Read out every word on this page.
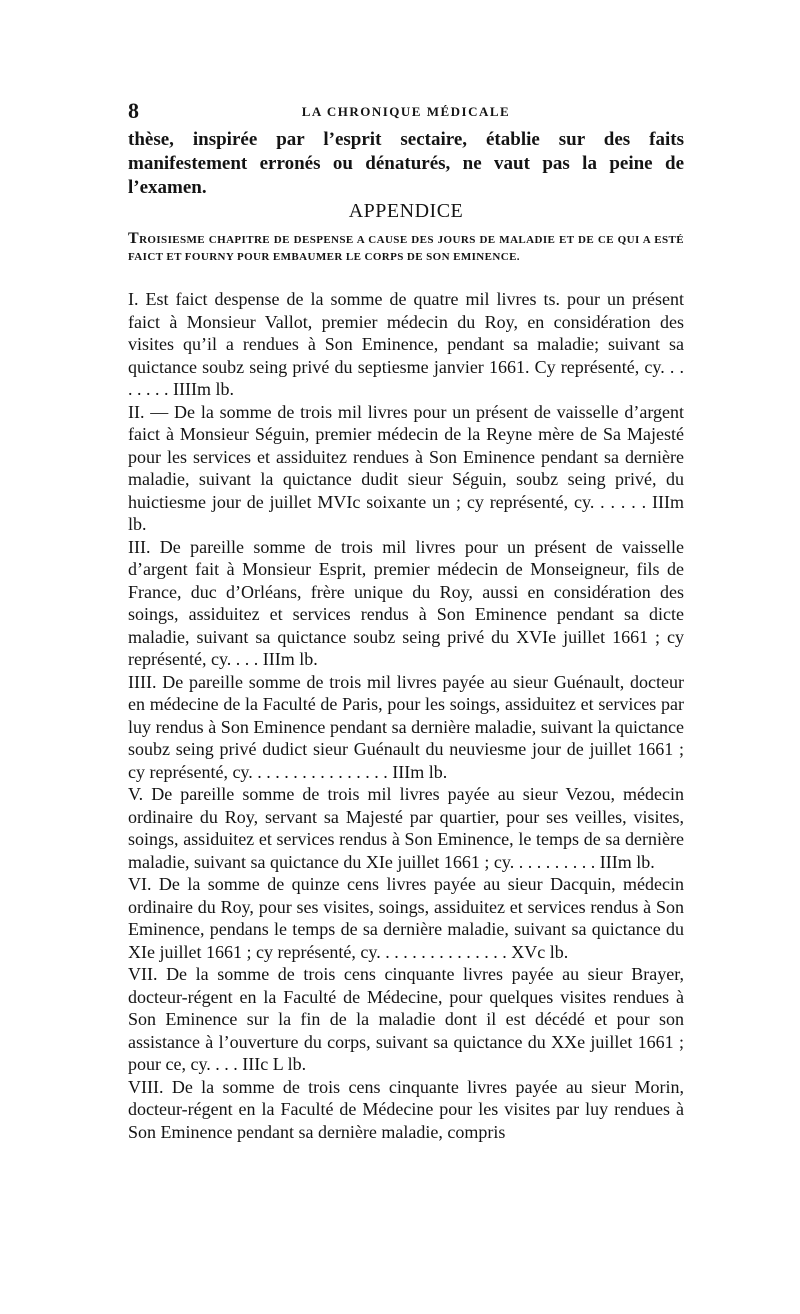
8	LA CHRONIQUE MÉDICALE

thèse, inspirée par l’esprit sectaire, établie sur des faits manifestement erronés ou dénaturés, ne vaut pas la peine de l’examen.

APPENDICE
TROISIESME CHAPITRE DE DESPENSE A CAUSE DES JOURS DE MALADIE ET DE CE QUI A ESTÉ FAICT ET FOURNY POUR EMBAUMER LE CORPS DE SON EMINENCE.

I. Est faict despense de la somme de quatre mil livres ts. pour un présent faict à Monsieur Vallot, premier médecin du Roy, en considération des visites qu’il a rendues à Son Eminence, pendant sa maladie; suivant sa quictance soubz seing privé du septiesme janvier 1661. Cy représenté, cy. . . . . . . . IIIIm lb.

II. — De la somme de trois mil livres pour un présent de vaisselle d’argent faict à Monsieur Séguin, premier médecin de la Reyne mère de Sa Majesté pour les services et assiduitez rendues à Son Eminence pendant sa dernière maladie, suivant la quictance dudit sieur Séguin, soubz seing privé, du huictiesme jour de juillet MVIc soixante un ; cy représenté, cy. . . . . . IIIm lb.

III. De pareille somme de trois mil livres pour un présent de vaisselle d’argent fait à Monsieur Esprit, premier médecin de Monseigneur, fils de France, duc d’Orléans, frère unique du Roy, aussi en considération des soings, assiduitez et services rendus à Son Eminence pendant sa dicte maladie, suivant sa quictance soubz seing privé du XVIe juillet 1661 ; cy représenté, cy. . . . IIIm lb.

IIII. De pareille somme de trois mil livres payée au sieur Guénault, docteur en médecine de la Faculté de Paris, pour les soings, assiduitez et services par luy rendus à Son Eminence pendant sa dernière maladie, suivant la quictance soubz seing privé dudict sieur Guénault du neuviesme jour de juillet 1661 ; cy représenté, cy. . . . . . . . . . . . . . . . IIIm lb.

V. De pareille somme de trois mil livres payée au sieur Vezou, médecin ordinaire du Roy, servant sa Majesté par quartier, pour ses veilles, visites, soings, assiduitez et services rendus à Son Eminence, le temps de sa dernière maladie, suivant sa quictance du XIe juillet 1661 ; cy. . . . . . . . . . IIIm lb.

VI. De la somme de quinze cens livres payée au sieur Dacquin, médecin ordinaire du Roy, pour ses visites, soings, assiduitez et services rendus à Son Eminence, pendans le temps de sa dernière maladie, suivant sa quictance du XIe juillet 1661 ; cy représenté, cy. . . . . . . . . . . . . . . XVc lb.

VII. De la somme de trois cens cinquante livres payée au sieur Brayer, docteur-régent en la Faculté de Médecine, pour quelques visites rendues à Son Eminence sur la fin de la maladie dont il est décédé et pour son assistance à l’ouverture du corps, suivant sa quictance du XXe juillet 1661 ; pour ce, cy. . . . IIIc L lb.

VIII. De la somme de trois cens cinquante livres payée au sieur Morin, docteur-régent en la Faculté de Médecine pour les visites par luy rendues à Son Eminence pendant sa dernière maladie, compris
